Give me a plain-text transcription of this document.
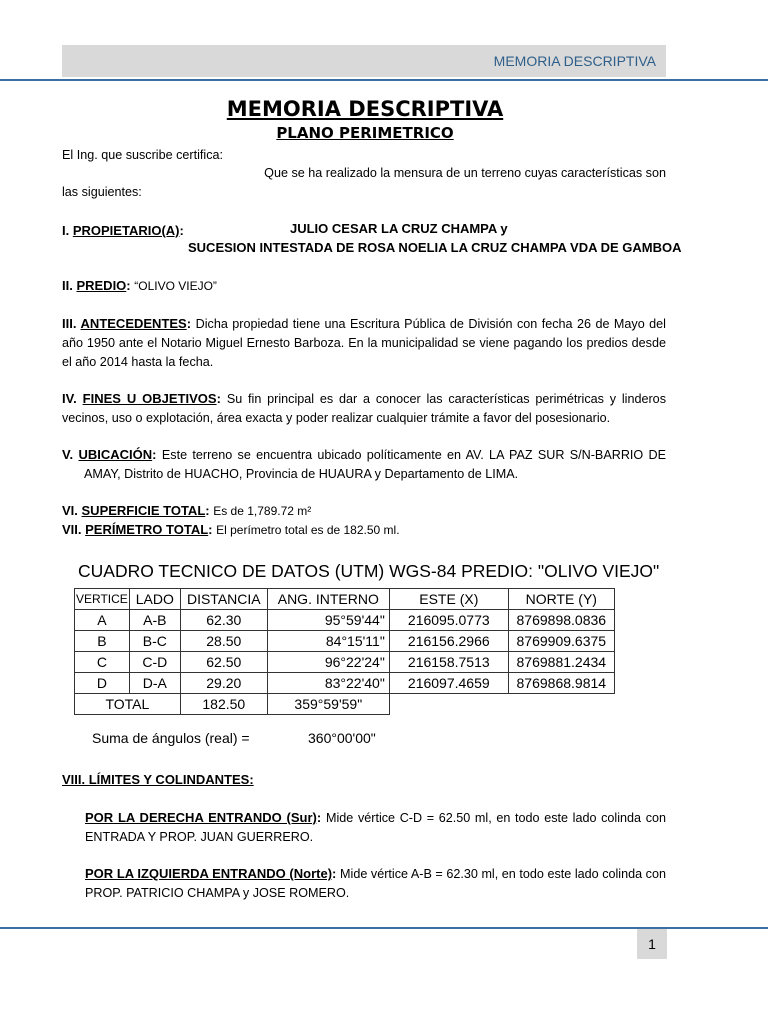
MEMORIA DESCRIPTIVA
MEMORIA DESCRIPTIVA
PLANO PERIMETRICO
El Ing. que suscribe certifica:
Que se ha realizado la mensura de un terreno cuyas características son
las siguientes:
I. PROPIETARIO(A):	JULIO CESAR LA CRUZ CHAMPA y
SUCESION INTESTADA DE ROSA NOELIA LA CRUZ CHAMPA VDA DE GAMBOA
II. PREDIO: “OLIVO VIEJO”
III. ANTECEDENTES: Dicha propiedad tiene una Escritura Pública de División con fecha 26 de Mayo del año 1950 ante el Notario Miguel Ernesto Barboza. En la municipalidad se viene pagando los predios desde el año 2014 hasta la fecha.
IV. FINES U OBJETIVOS: Su fin principal es dar a conocer las características perimétricas y linderos vecinos, uso o explotación, área exacta y poder realizar cualquier trámite a favor del posesionario.
V. UBICACIÓN: Este terreno se encuentra ubicado políticamente en AV. LA PAZ SUR S/N-BARRIO DE AMAY, Distrito de HUACHO, Provincia de HUAURA y Departamento de LIMA.
VI. SUPERFICIE TOTAL: Es de 1,789.72 m²
VII. PERÍMETRO TOTAL: El perímetro total es de 182.50 ml.
CUADRO TECNICO DE DATOS (UTM) WGS-84 PREDIO: "OLIVO VIEJO"
VERTICE	LADO	DISTANCIA	ANG. INTERNO	ESTE (X)	NORTE (Y)
A	A-B	62.30	95°59'44"	216095.0773	8769898.0836
B	B-C	28.50	84°15'11"	216156.2966	8769909.6375
C	C-D	62.50	96°22'24"	216158.7513	8769881.2434
D	D-A	29.20	83°22'40"	216097.4659	8769868.9814
TOTAL		182.50	359°59'59"		
Suma de ángulos (real) =	360°00'00"
VIII. LÍMITES Y COLINDANTES:
POR LA DERECHA ENTRANDO (Sur): Mide vértice C-D = 62.50 ml, en todo este lado colinda con ENTRADA Y PROP. JUAN GUERRERO.
POR LA IZQUIERDA ENTRANDO (Norte): Mide vértice A-B = 62.30 ml, en todo este lado colinda con PROP. PATRICIO CHAMPA y JOSE ROMERO.
1
